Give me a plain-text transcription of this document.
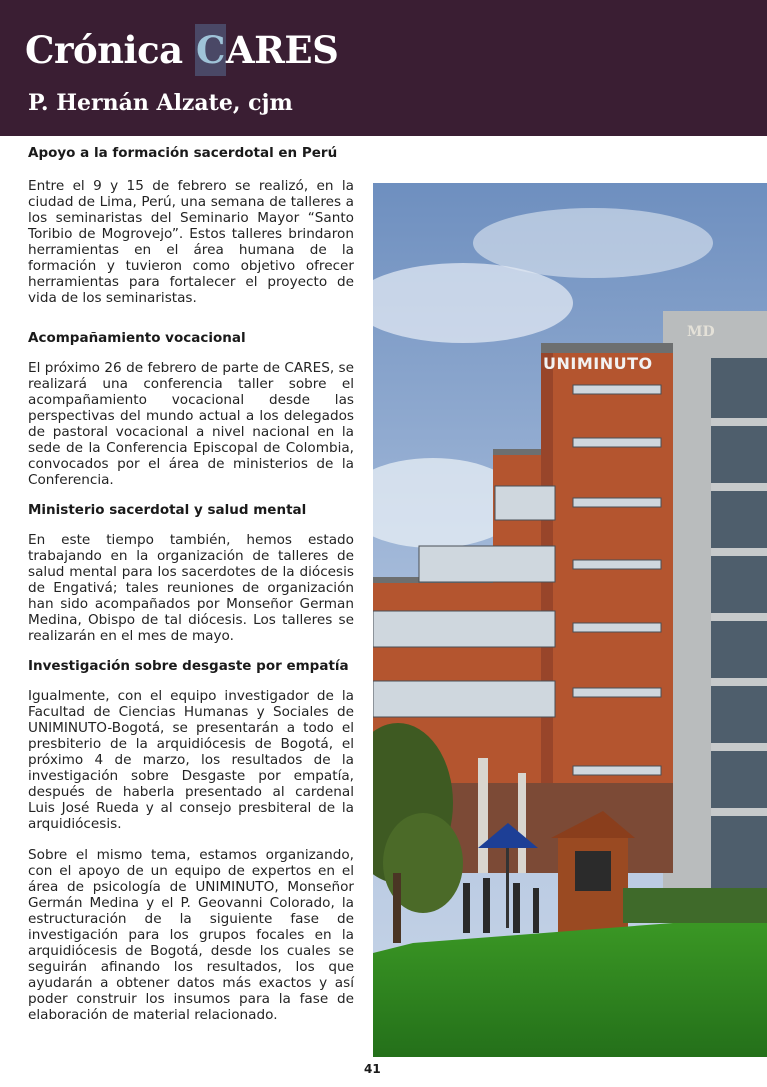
Crónica CARES
P. Hernán Alzate, cjm
Apoyo a la formación sacerdotal en Perú

Entre el 9 y 15 de febrero se realizó, en la ciudad de Lima, Perú, una semana de talleres a los seminaristas del Seminario Mayor “Santo Toribio de Mogrovejo”. Estos talleres brindaron herramientas en el área humana de la formación y tuvieron como objetivo ofrecer herramientas para fortalecer el proyecto de vida de los seminaristas.

Acompañamiento vocacional

El próximo 26 de febrero de parte de CARES, se realizará una conferencia taller sobre el acompañamiento vocacional desde las perspectivas del mundo actual a los delegados de pastoral vocacional a nivel nacional en la sede de la Conferencia Episcopal de Colombia, convocados por el área de ministerios de la Conferencia.

Ministerio sacerdotal y salud mental

En este tiempo también, hemos estado trabajando en la organización de talleres de salud mental para los sacerdotes de la diócesis de Engativá; tales reuniones de organización han sido acompañados por Monseñor German Medina, Obispo de tal diócesis. Los talleres se realizarán en el mes de mayo.

Investigación sobre desgaste por empatía

Igualmente, con el equipo investigador de la Facultad de Ciencias Humanas y Sociales de UNIMINUTO-Bogotá, se presentarán a todo el presbiterio de la arquidiócesis de Bogotá, el próximo 4 de marzo, los resultados de la investigación sobre Desgaste por empatía, después de haberla presentado al cardenal Luis José Rueda y al consejo presbiteral de la arquidiócesis.

Sobre el mismo tema, estamos organizando, con el apoyo de un equipo de expertos en el área de psicología de UNIMINUTO, Monseñor Germán Medina y el P. Geovanni Colorado, la estructuración de la siguiente fase de investigación para los grupos focales en la arquidiócesis de Bogotá, desde los cuales se seguirán afinando los resultados, los que ayudarán a obtener datos más exactos y así poder construir los insumos para la fase de elaboración de material relacionado.

MD
UNIMINUTO
41
